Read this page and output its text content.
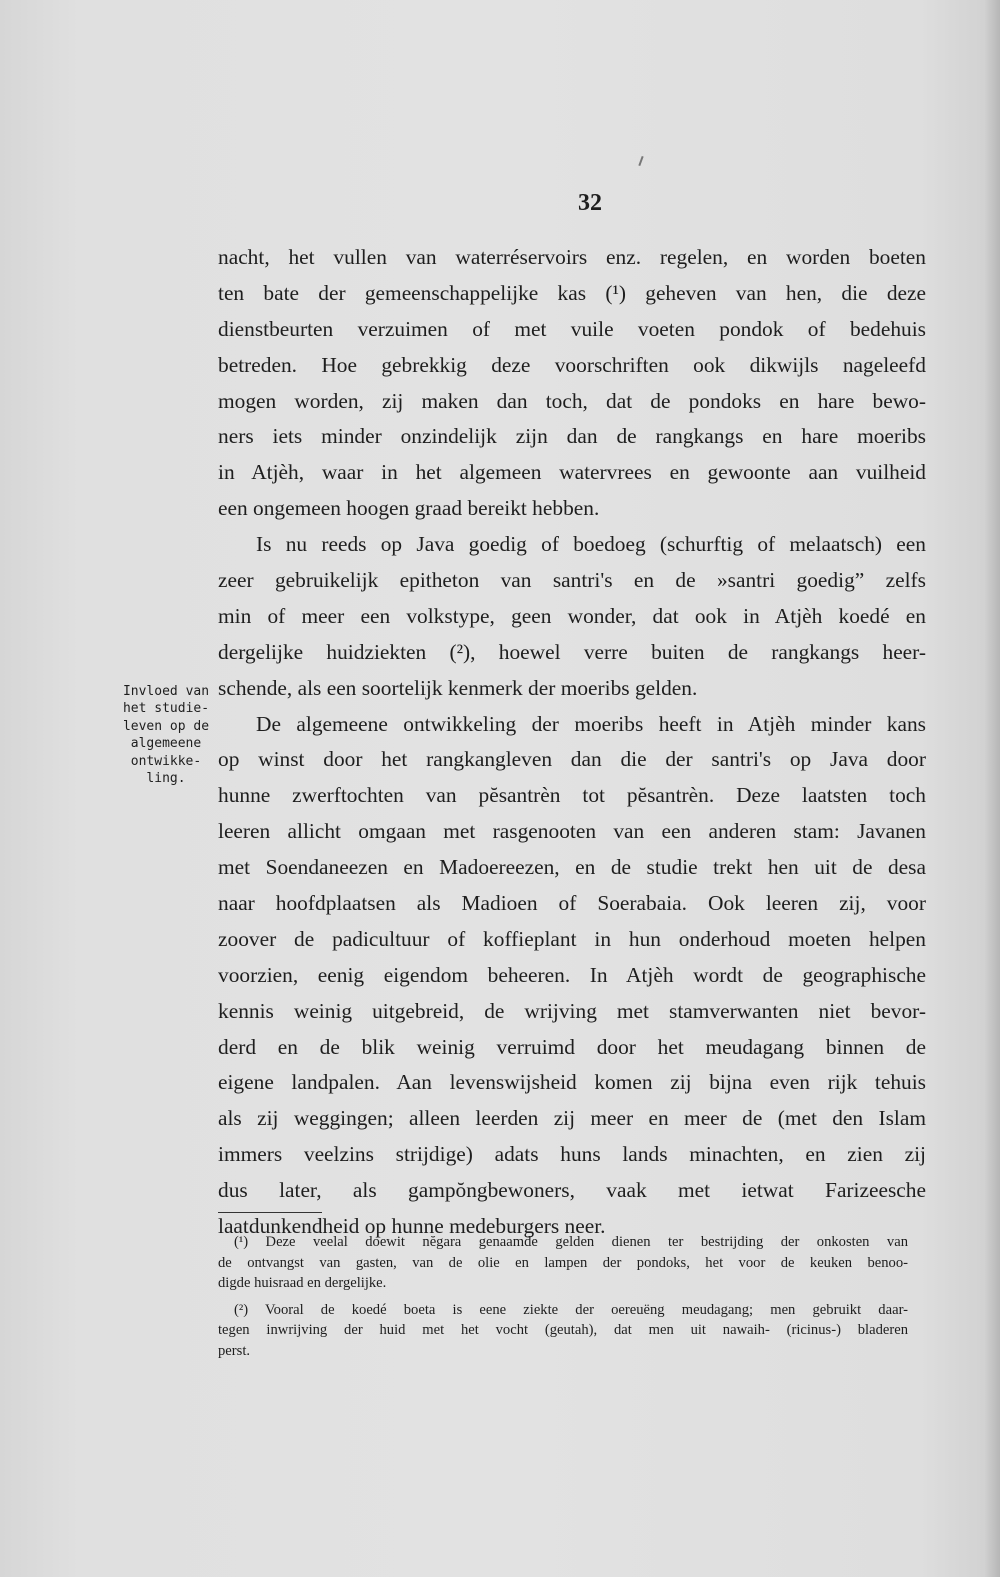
32
nacht, het vullen van waterréservoirs enz. regelen, en worden boeten
ten bate der gemeenschappelijke kas (¹) geheven van hen, die deze
dienstbeurten verzuimen of met vuile voeten pondok of bedehuis
betreden. Hoe gebrekkig deze voorschriften ook dikwijls nageleefd
mogen worden, zij maken dan toch, dat de pondoks en hare bewo-
ners iets minder onzindelijk zijn dan de rangkangs en hare moeribs
in Atjèh, waar in het algemeen watervrees en gewoonte aan vuilheid
een ongemeen hoogen graad bereikt hebben.
Is nu reeds op Java goedig of boedoeg (schurftig of melaatsch) een
zeer gebruikelijk epitheton van santri's en de »santri goedig” zelfs
min of meer een volkstype, geen wonder, dat ook in Atjèh koedé en
dergelijke huidziekten (²), hoewel verre buiten de rangkangs heer-
schende, als een soortelijk kenmerk der moeribs gelden.
De algemeene ontwikkeling der moeribs heeft in Atjèh minder kans
op winst door het rangkangleven dan die der santri's op Java door
hunne zwerftochten van pĕsantrèn tot pĕsantrèn. Deze laatsten toch
leeren allicht omgaan met rasgenooten van een anderen stam: Javanen
met Soendaneezen en Madoereezen, en de studie trekt hen uit de desa
naar hoofdplaatsen als Madioen of Soerabaia. Ook leeren zij, voor
zoover de padicultuur of koffieplant in hun onderhoud moeten helpen
voorzien, eenig eigendom beheeren. In Atjèh wordt de geographische
kennis weinig uitgebreid, de wrijving met stamverwanten niet bevor-
derd en de blik weinig verruimd door het meudagang binnen de
eigene landpalen. Aan levenswijsheid komen zij bijna even rijk tehuis
als zij weggingen; alleen leerden zij meer en meer de (met den Islam
immers veelzins strijdige) adats huns lands minachten, en zien zij
dus later, als gampŏngbewoners, vaak met ietwat Farizeesche
laatdunkendheid op hunne medeburgers neer.
Invloed van
het studie-
leven op de
algemeene
ontwikke-
ling.
(¹) Deze veelal doewit nĕgara genaamde gelden dienen ter bestrijding der onkosten van
de ontvangst van gasten, van de olie en lampen der pondoks, het voor de keuken benoo-
digde huisraad en dergelijke.
(²) Vooral de koedé boeta is eene ziekte der oereuëng meudagang; men gebruikt daar-
tegen inwrijving der huid met het vocht (geutah), dat men uit nawaih- (ricinus-) bladeren
perst.
